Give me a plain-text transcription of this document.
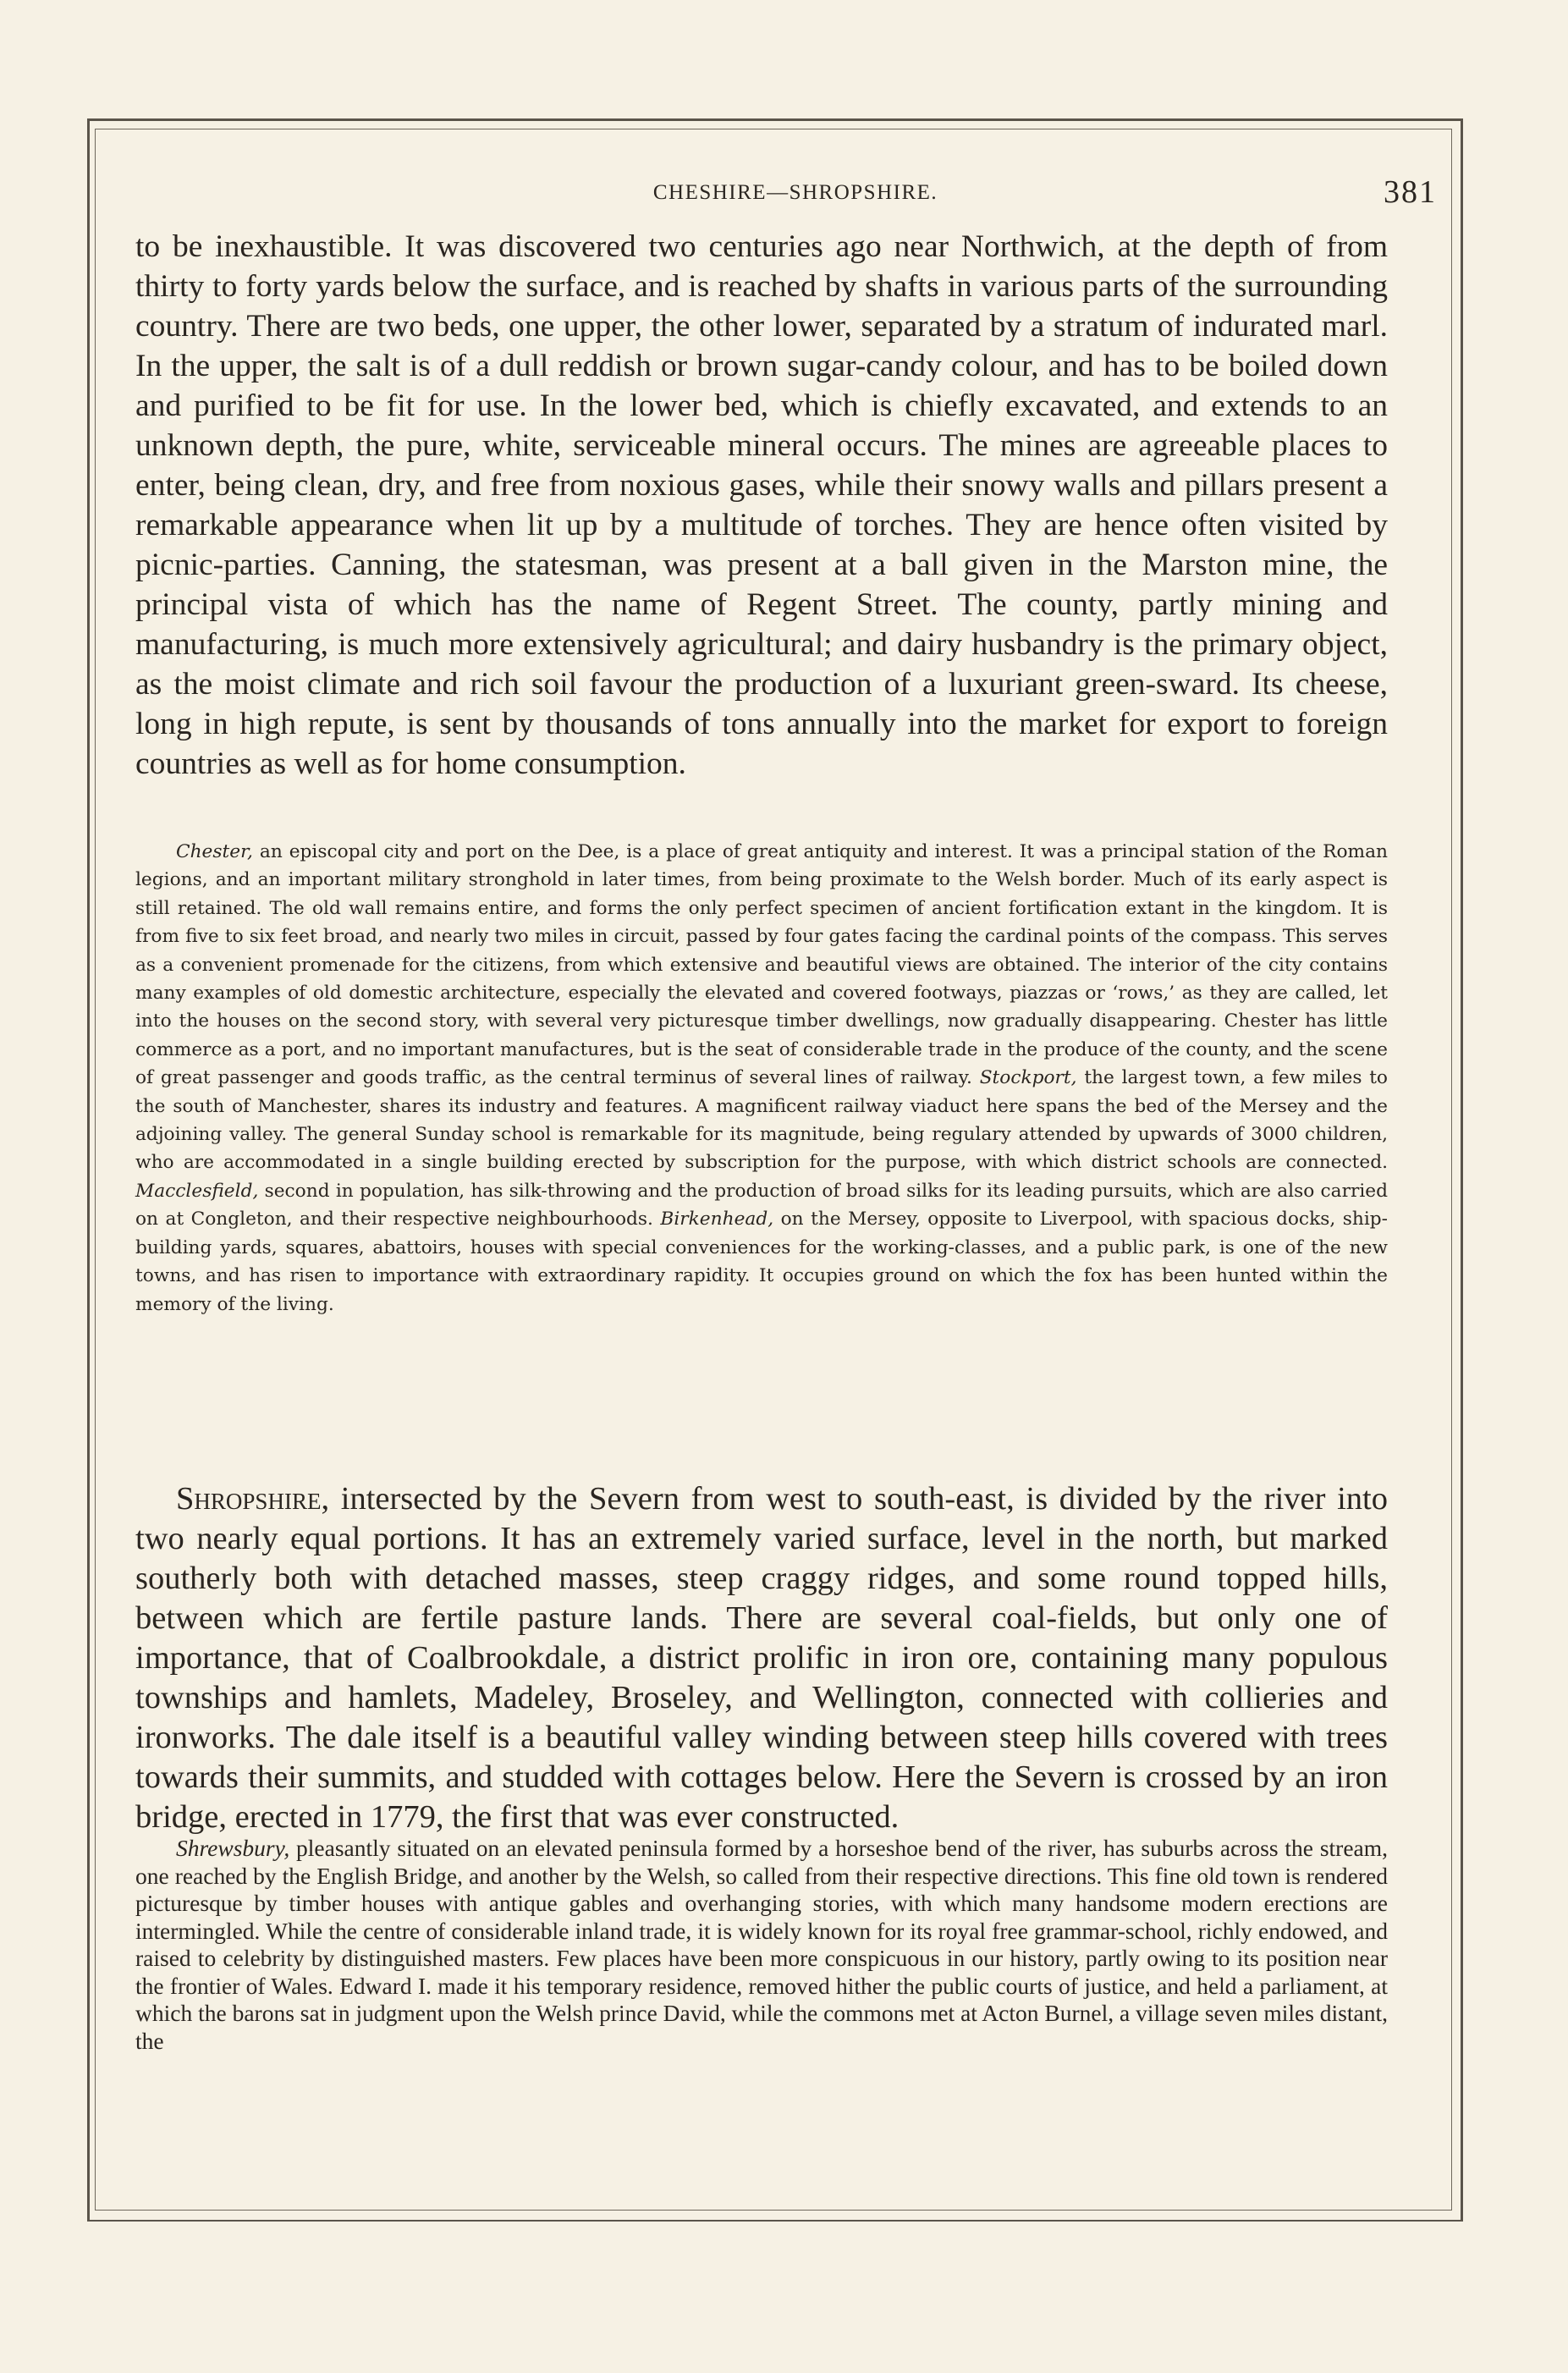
CHESHIRE—SHROPSHIRE.	381

to be inexhaustible. It was discovered two centuries ago near Northwich, at the depth of from thirty to forty yards below the surface, and is reached by shafts in various parts of the surrounding country. There are two beds, one upper, the other lower, separated by a stratum of indurated marl. In the upper, the salt is of a dull reddish or brown sugar-candy colour, and has to be boiled down and purified to be fit for use. In the lower bed, which is chiefly excavated, and extends to an unknown depth, the pure, white, serviceable mineral occurs. The mines are agreeable places to enter, being clean, dry, and free from noxious gases, while their snowy walls and pillars present a remarkable appearance when lit up by a multitude of torches. They are hence often visited by picnic-parties. Canning, the statesman, was present at a ball given in the Marston mine, the principal vista of which has the name of Regent Street. The county, partly mining and manufacturing, is much more extensively agricultural; and dairy husbandry is the primary object, as the moist climate and rich soil favour the production of a luxuriant green-sward. Its cheese, long in high repute, is sent by thousands of tons annually into the market for export to foreign countries as well as for home consumption.

Chester, an episcopal city and port on the Dee, is a place of great antiquity and interest. It was a principal station of the Roman legions, and an important military stronghold in later times, from being proximate to the Welsh border. Much of its early aspect is still retained. The old wall remains entire, and forms the only perfect specimen of ancient fortification extant in the kingdom. It is from five to six feet broad, and nearly two miles in circuit, passed by four gates facing the cardinal points of the compass. This serves as a convenient promenade for the citizens, from which extensive and beautiful views are obtained. The interior of the city contains many examples of old domestic architecture, especially the elevated and covered footways, piazzas or ‘rows,’ as they are called, let into the houses on the second story, with several very picturesque timber dwellings, now gradually disappearing. Chester has little commerce as a port, and no important manufactures, but is the seat of considerable trade in the produce of the county, and the scene of great passenger and goods traffic, as the central terminus of several lines of railway. Stockport, the largest town, a few miles to the south of Manchester, shares its industry and features. A magnificent railway viaduct here spans the bed of the Mersey and the adjoining valley. The general Sunday school is remarkable for its magnitude, being regulary attended by upwards of 3000 children, who are accommodated in a single building erected by subscription for the purpose, with which district schools are connected. Macclesfield, second in population, has silk-throwing and the production of broad silks for its leading pursuits, which are also carried on at Congleton, and their respective neighbourhoods. Birkenhead, on the Mersey, opposite to Liverpool, with spacious docks, ship-building yards, squares, abattoirs, houses with special conveniences for the working-classes, and a public park, is one of the new towns, and has risen to importance with extraordinary rapidity. It occupies ground on which the fox has been hunted within the memory of the living.

Shropshire, intersected by the Severn from west to south-east, is divided by the river into two nearly equal portions. It has an extremely varied surface, level in the north, but marked southerly both with detached masses, steep craggy ridges, and some round topped hills, between which are fertile pasture lands. There are several coal-fields, but only one of importance, that of Coalbrookdale, a district prolific in iron ore, containing many populous townships and hamlets, Madeley, Broseley, and Wellington, connected with collieries and ironworks. The dale itself is a beautiful valley winding between steep hills covered with trees towards their summits, and studded with cottages below. Here the Severn is crossed by an iron bridge, erected in 1779, the first that was ever constructed.

Shrewsbury, pleasantly situated on an elevated peninsula formed by a horseshoe bend of the river, has suburbs across the stream, one reached by the English Bridge, and another by the Welsh, so called from their respective directions. This fine old town is rendered picturesque by timber houses with antique gables and overhanging stories, with which many handsome modern erections are intermingled. While the centre of considerable inland trade, it is widely known for its royal free grammar-school, richly endowed, and raised to celebrity by distinguished masters. Few places have been more conspicuous in our history, partly owing to its position near the frontier of Wales. Edward I. made it his temporary residence, removed hither the public courts of justice, and held a parliament, at which the barons sat in judgment upon the Welsh prince David, while the commons met at Acton Burnel, a village seven miles distant, the
